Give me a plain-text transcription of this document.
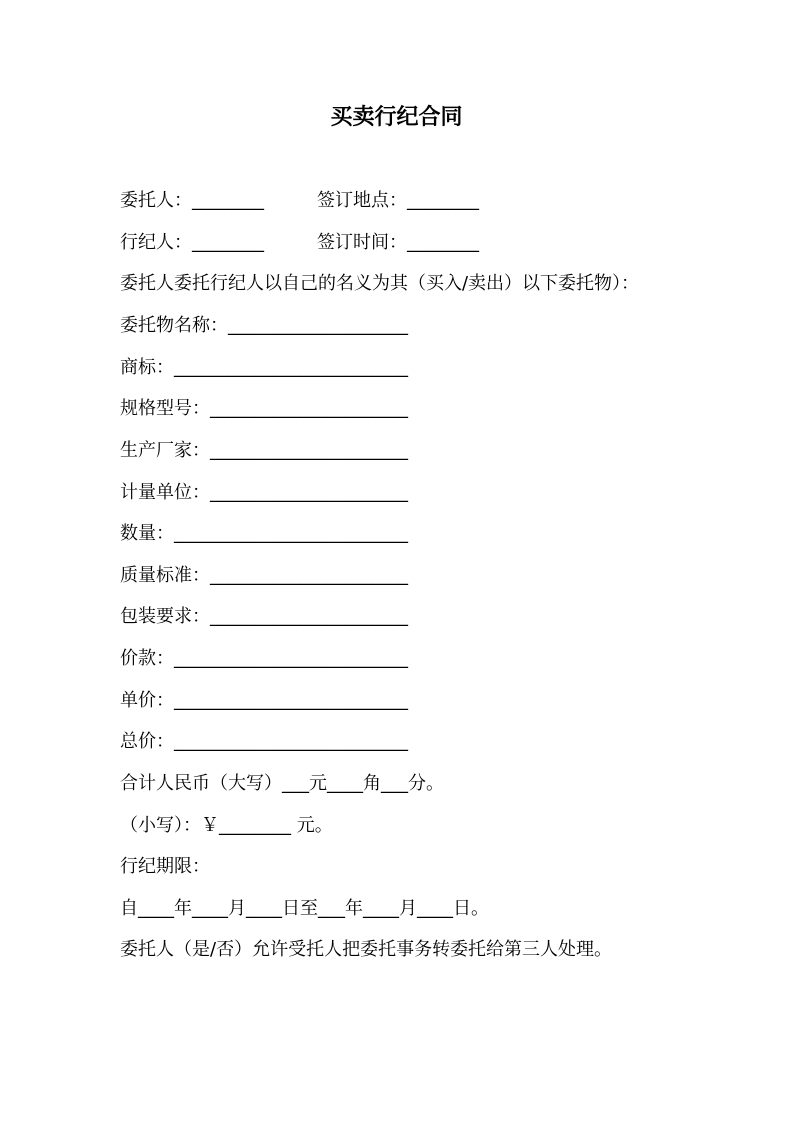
买卖行纪合同
委托人：________	签订地点：________
行纪人：________	签订时间：________
委托人委托行纪人以自己的名义为其（买入/卖出）以下委托物）：
委托物名称：____________________
商标：__________________________
规格型号：______________________
生产厂家：______________________
计量单位：______________________
数量：__________________________
质量标准：______________________
包装要求：______________________
价款：__________________________
单价：__________________________
总价：__________________________
合计人民币（大写）___元____角___分。
（小写）：￥________ 元。
行纪期限：
自____年____月____日至___年____月____日。
委托人（是/否）允许受托人把委托事务转委托给第三人处理。
